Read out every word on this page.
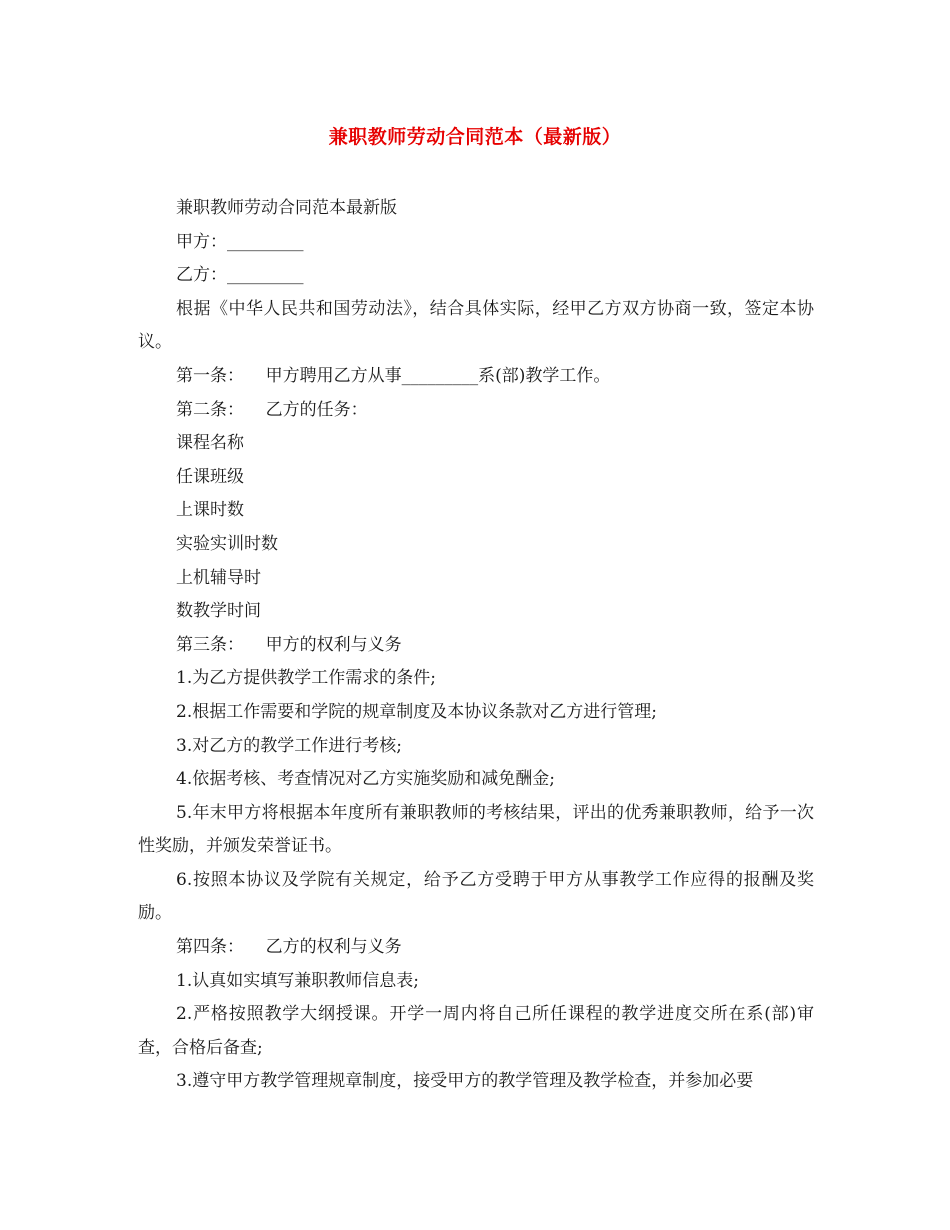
兼职教师劳动合同范本（最新版）

兼职教师劳动合同范本最新版

甲方：_________

乙方：_________

根据《中华人民共和国劳动法》，结合具体实际，经甲乙方双方协商一致，签定本协议。

第一条：    甲方聘用乙方从事_________系(部)教学工作。

第二条：    乙方的任务：

课程名称

任课班级

上课时数

实验实训时数

上机辅导时

数教学时间

第三条：    甲方的权利与义务

1.为乙方提供教学工作需求的条件;

2.根据工作需要和学院的规章制度及本协议条款对乙方进行管理;

3.对乙方的教学工作进行考核;

4.依据考核、考查情况对乙方实施奖励和减免酬金;

5.年末甲方将根据本年度所有兼职教师的考核结果，评出的优秀兼职教师，给予一次性奖励，并颁发荣誉证书。

6.按照本协议及学院有关规定，给予乙方受聘于甲方从事教学工作应得的报酬及奖励。

第四条：    乙方的权利与义务

1.认真如实填写兼职教师信息表;

2.严格按照教学大纲授课。开学一周内将自己所任课程的教学进度交所在系(部)审查，合格后备查;

3.遵守甲方教学管理规章制度，接受甲方的教学管理及教学检查，并参加必要
